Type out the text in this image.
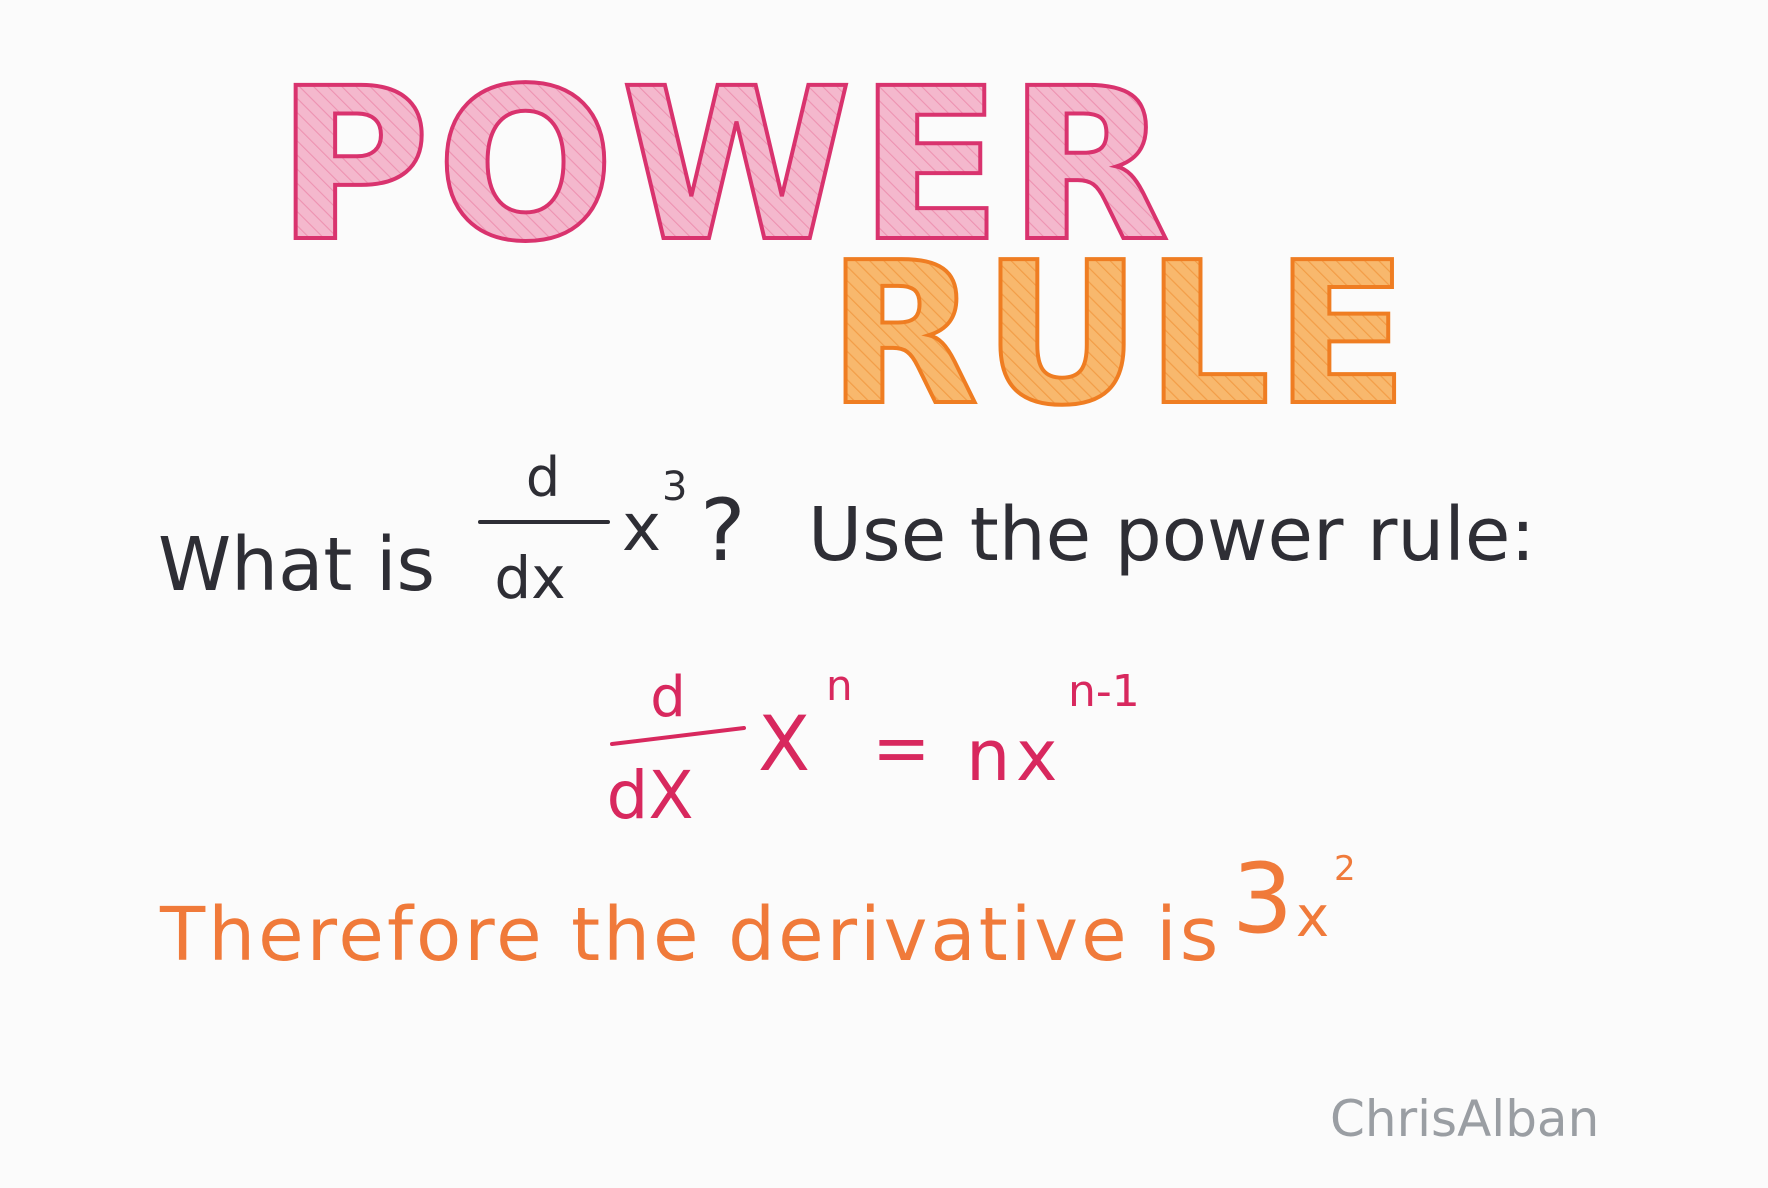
POWER
RULE
What is
d
dx
x
3 ? Use the power rule:
d
dX
X
n
= n x
n-1
Therefore the derivative is 3 x
2
ChrisAlban
